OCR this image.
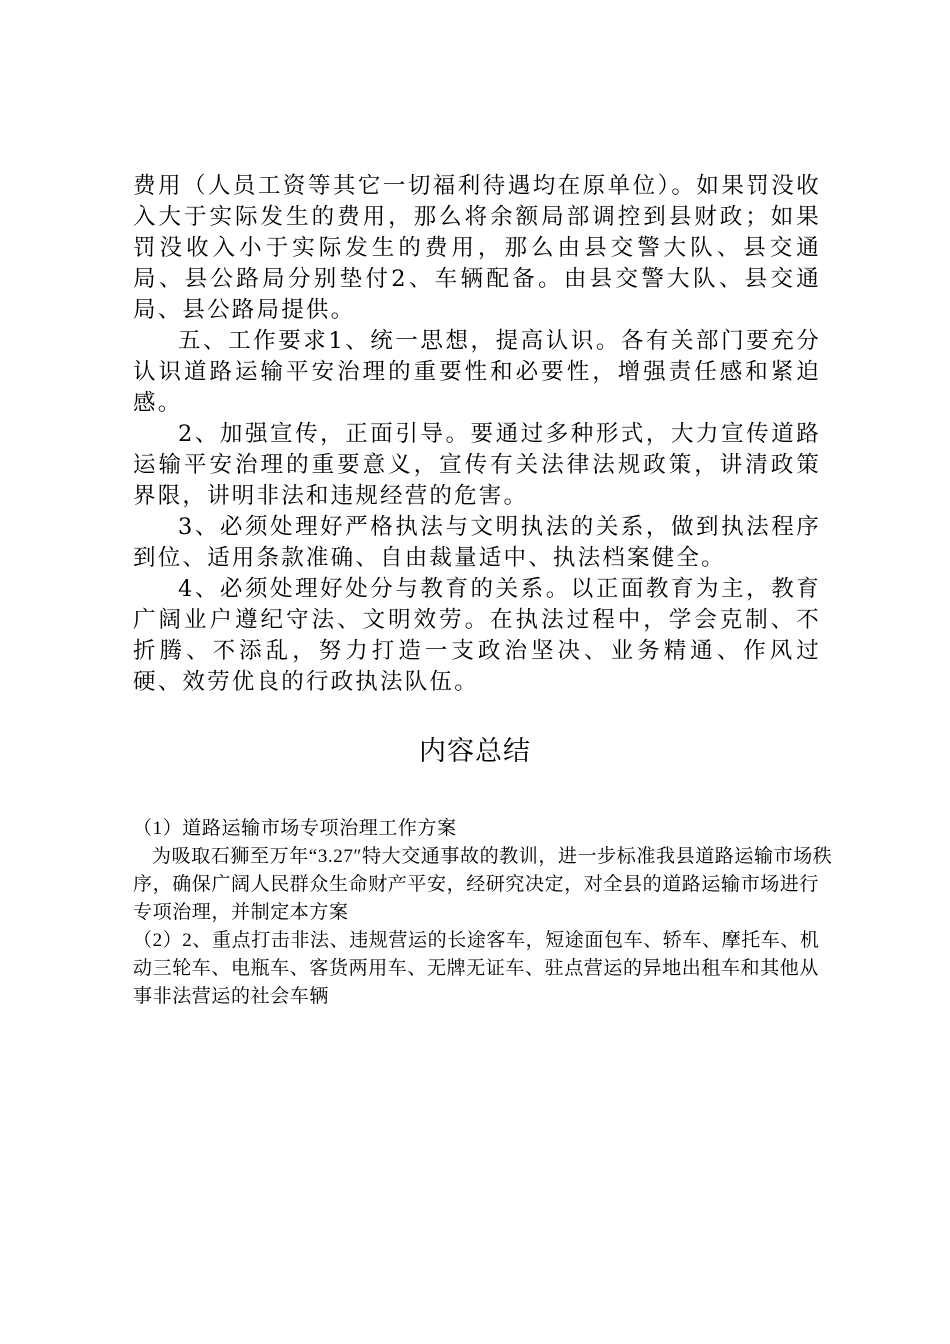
费用（人员工资等其它一切福利待遇均在原单位）。如果罚没收入大于实际发生的费用，那么将余额局部调控到县财政；如果罚没收入小于实际发生的费用，那么由县交警大队、县交通局、县公路局分别垫付2、车辆配备。由县交警大队、县交通局、县公路局提供。

五、工作要求1、统一思想，提高认识。各有关部门要充分认识道路运输平安治理的重要性和必要性，增强责任感和紧迫感。

2、加强宣传，正面引导。要通过多种形式，大力宣传道路运输平安治理的重要意义，宣传有关法律法规政策，讲清政策界限，讲明非法和违规经营的危害。

3、必须处理好严格执法与文明执法的关系，做到执法程序到位、适用条款准确、自由裁量适中、执法档案健全。

4、必须处理好处分与教育的关系。以正面教育为主，教育广阔业户遵纪守法、文明效劳。在执法过程中，学会克制、不折腾、不添乱，努力打造一支政治坚决、业务精通、作风过硬、效劳优良的行政执法队伍。

内容总结

（1）道路运输市场专项治理工作方案

为吸取石狮至万年“3.27″特大交通事故的教训，进一步标准我县道路运输市场秩序，确保广阔人民群众生命财产平安，经研究决定，对全县的道路运输市场进行专项治理，并制定本方案

（2）2、重点打击非法、违规营运的长途客车，短途面包车、轿车、摩托车、机动三轮车、电瓶车、客货两用车、无牌无证车、驻点营运的异地出租车和其他从事非法营运的社会车辆
